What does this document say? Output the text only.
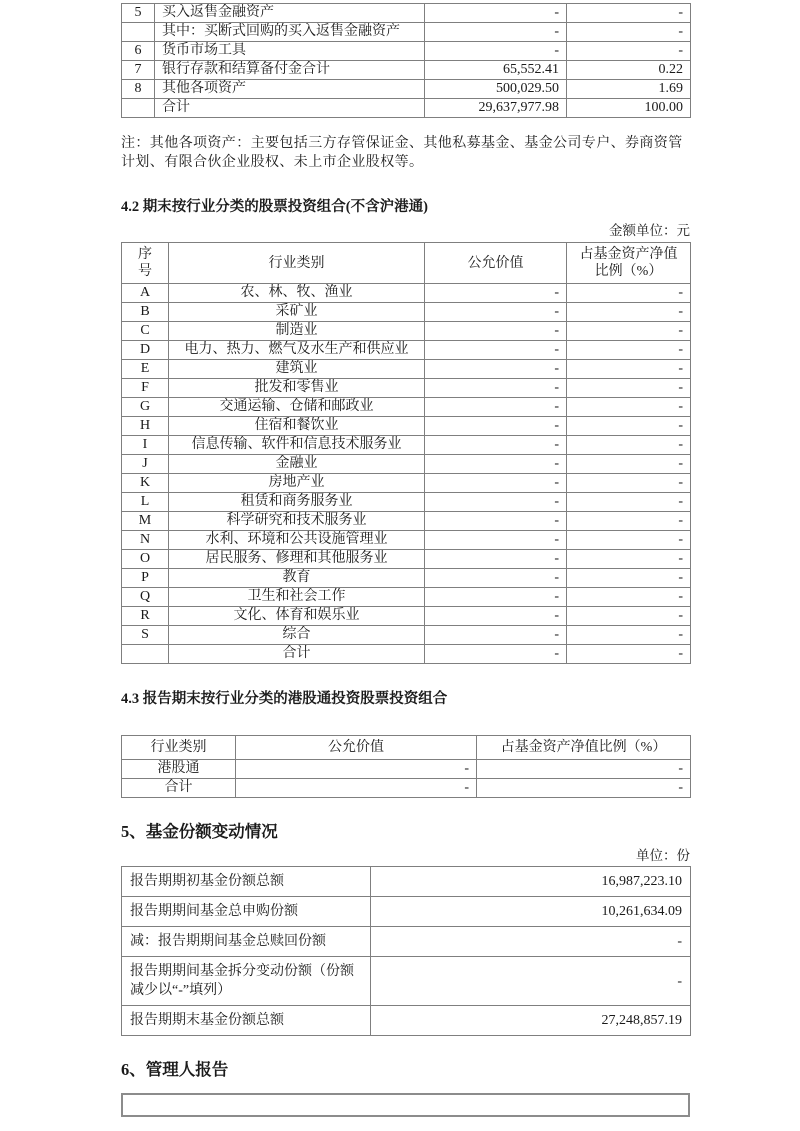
5	买入返售金融资产	-	-
	其中：买断式回购的买入返售金融资产	-	-
6	货币市场工具	-	-
7	银行存款和结算备付金合计	65,552.41	0.22
8	其他各项资产	500,029.50	1.69
	合计	29,637,977.98	100.00

注：其他各项资产：主要包括三方存管保证金、其他私募基金、基金公司专户、券商资管计划、有限合伙企业股权、未上市企业股权等。

4.2 期末按行业分类的股票投资组合(不含沪港通)
金额单位：元
序号	行业类别	公允价值	占基金资产净值比例（%）
A	农、林、牧、渔业	-	-
B	采矿业	-	-
C	制造业	-	-
D	电力、热力、燃气及水生产和供应业	-	-
E	建筑业	-	-
F	批发和零售业	-	-
G	交通运输、仓储和邮政业	-	-
H	住宿和餐饮业	-	-
I	信息传输、软件和信息技术服务业	-	-
J	金融业	-	-
K	房地产业	-	-
L	租赁和商务服务业	-	-
M	科学研究和技术服务业	-	-
N	水利、环境和公共设施管理业	-	-
O	居民服务、修理和其他服务业	-	-
P	教育	-	-
Q	卫生和社会工作	-	-
R	文化、体育和娱乐业	-	-
S	综合	-	-
	合计	-	-
4.3 报告期末按行业分类的港股通投资股票投资组合
行业类别	公允价值	占基金资产净值比例（%）
港股通	-	-
合计	-	-
5、基金份额变动情况
单位：份
报告期期初基金份额总额	16,987,223.10
报告期期间基金总申购份额	10,261,634.09
减：报告期期间基金总赎回份额	-
报告期期间基金拆分变动份额（份额减少以“-”填列）	-
报告期期末基金份额总额	27,248,857.19
6、管理人报告
